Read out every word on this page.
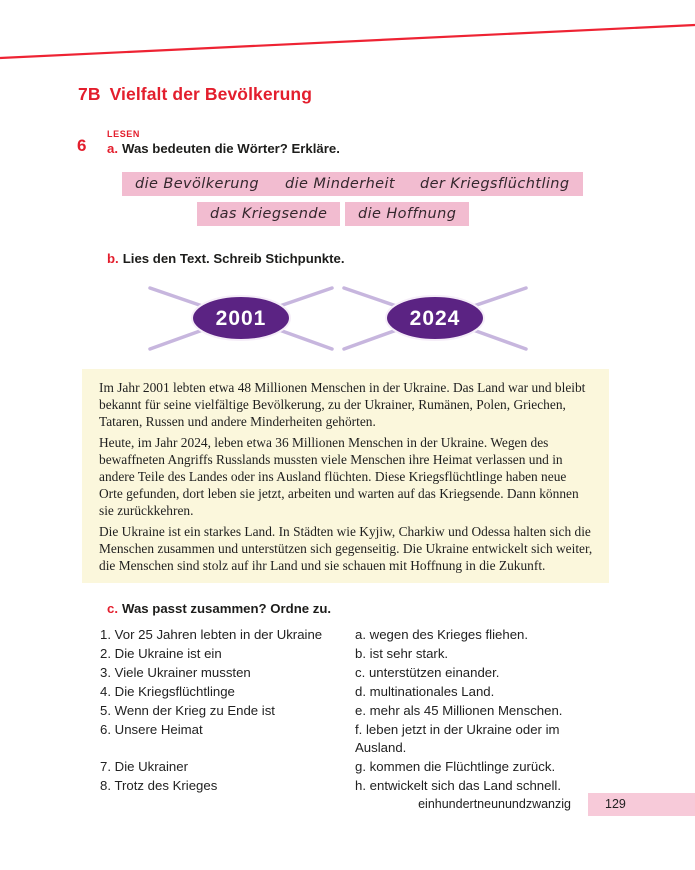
7B Vielfalt der Bevölkerung
6
LESEN
a. Was bedeuten die Wörter? Erkläre.
die Bevölkerung	die Minderheit	der Kriegsflüchtling
das Kriegsende	die Hoffnung
b. Lies den Text. Schreib Stichpunkte.
2001	2024

Im Jahr 2001 lebten etwa 48 Millionen Menschen in der Ukraine. Das Land war und bleibt bekannt für seine vielfältige Bevölkerung, zu der Ukrainer, Rumänen, Polen, Griechen, Tataren, Russen und andere Minderheiten gehörten.

Heute, im Jahr 2024, leben etwa 36 Millionen Menschen in der Ukraine. Wegen des bewaffneten Angriffs Russlands mussten viele Menschen ihre Heimat verlassen und in andere Teile des Landes oder ins Ausland flüchten. Diese Kriegsflüchtlinge haben neue Orte gefunden, dort leben sie jetzt, arbeiten und warten auf das Kriegsende. Dann können sie zurückkehren.

Die Ukraine ist ein starkes Land. In Städten wie Kyjiw, Charkiw und Odessa halten sich die Menschen zusammen und unterstützen sich gegenseitig. Die Ukraine entwickelt sich weiter, die Menschen sind stolz auf ihr Land und sie schauen mit Hoffnung in die Zukunft.

c. Was passt zusammen? Ordne zu.
1. Vor 25 Jahren lebten in der Ukraine	a. wegen des Krieges fliehen.
2. Die Ukraine ist ein	b. ist sehr stark.
3. Viele Ukrainer mussten	c. unterstützen einander.
4. Die Kriegsflüchtlinge	d. multinationales Land.
5. Wenn der Krieg zu Ende ist	e. mehr als 45 Millionen Menschen.
6. Unsere Heimat	f. leben jetzt in der Ukraine oder im Ausland.
7. Die Ukrainer	g. kommen die Flüchtlinge zurück.
8. Trotz des Krieges	h. entwickelt sich das Land schnell.
einhundertneunundzwanzig	129
